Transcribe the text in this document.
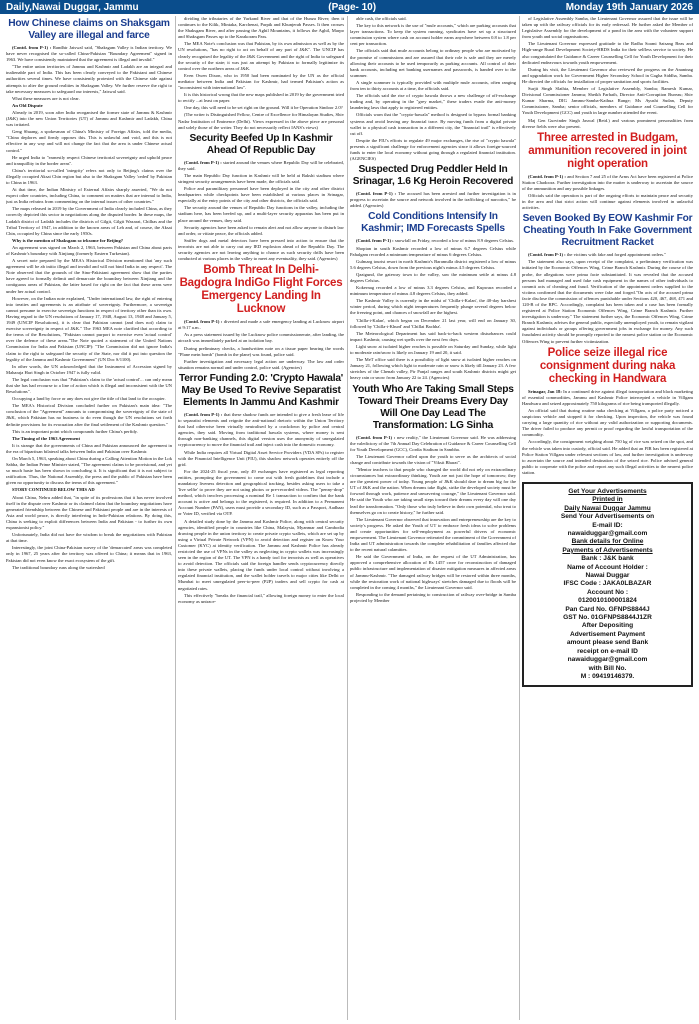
Daily,Nawai Duggar, Jammu	(Page- 10)	Monday 19th January 2026
How Chinese claims on Shaksgam Valley are illegal and farce

(Contd. from P-1) : Randhir Jaiswal said, "Shaksgam Valley is Indian territory. We have never recognised the so-called China-Pakistan "Boundary Agreement" signed in 1963. We have consistently maintained that the agreement is illegal and invalid."

"The entire union territories of Jammu and Kashmir and Ladakh are an integral and inalienable part of India. This has been clearly conveyed to the Pakistani and Chinese authorities several times. We have consistently protested with the Chinese side against attempts to alter the ground realities in Shaksgam Valley. We further reserve the right to take necessary measures to safeguard our interests," Jaiswal said.

What these measures are is not clear.

An Old Dispute

Already in 2019, soon after India reorganised the former state of Jammu & Kashmir (J&K) into the new Union Territories (UT) of Jammu and Kashmir and Ladakh, China was irritated.

Geng Shuang, a spokesman of China's Ministry of Foreign Affairs, told the media, "China deplores and firmly opposes this. This is unlawful and void, and this is not effective in any way and will not change the fact that the area is under Chinese actual control."

He urged India to "earnestly respect Chinese territorial sovereignty and uphold peace and tranquillity in the border areas".

China's territorial so-called 'integrity' refers not only to Beijing's claims over the illegally occupied Aksai Chin region but also to the Shaksgam Valley 'ceded' by Pakistan to China in 1963.

At that time, the Indian Ministry of External Affairs sharply asserted, "We do not expect other countries, including China, to comment on matters that are internal to India, just as India refrains from commenting on the internal issues of other countries."

The maps released in 2019 by the Government of India clearly included China, as they correctly depicted this sector in negotiations along the disputed border. In these maps, the Ladakh district of Ladakh includes the districts of Gilgit, Gilgit Wazarat, Chilhas and the Tribal Territory of 1947, in addition to the known areas of Leh and, of course, the Aksai Chin, occupied by China since the early 1950s.

Why is the mention of Shaksgam so irksome for Beijing?

An agreement was signed on March 2, 1963, between Pakistan and China about parts of Kashmir's boundary with Xinjiang (formerly Eastern Turkestan).

A secret note prepared by the MEA's Historical Division mentioned that 'any such agreement will be ab initio illegal and invalid and will not bind India in any respect'. The Note observed that the grounds of the Sino-Pakistani agreement show that the parties have agreed to formally delimit and demarcate the boundary between Xinjiang and the contiguous areas of Pakistan, the latter based for right on the fact that these areas were under her actual control.

However, on the Indian note explained, "Under international law, the right of entering into treaties and agreements is an attribute of sovereignty. Furthermore, a sovereign cannot presume to exercise sovereign functions in respect of territory other than its own. Having regard to the UN resolutions of January 17, 1948, August 13, 1948 and January 5, 1949 (UNCIP Resolutions), it is clear that Pakistan cannot (and does not) claim to exercise sovereignty in respect of J&K." The 1963 MEA note clarified that according to the terms of the Resolutions, "Pakistan cannot purport to exercise even 'actual control' over the defence of these areas."The Note quoted a statement of the United Nations Commission for India and Pakistan (UNCIP): "The Commission did not ignore India's claim to the right to safeguard the security of the State, nor did it put into question the legality of the Jammu and Kashmir Government" (UN Doc S/1100).

In other words, the UN acknowledged that the Instrument of Accession signed by Maharaja Hari Singh in October 1947 is fully valid.

The legal conclusion was that "Pakistan's claim to the 'actual control'... can only mean that she has had recourse to a line of action which is illegal and inconsistent with the UN Resolutions".

Occupying a land by force or any does not give the title of that land to the occupier.

The MEA's Historical Division concluded further on Pakistan's main idea: "The conclusion of the "Agreement" amounts to compromising the sovereignty of the state of J&K, which Pakistan has no business to do even though the UN resolutions set forth definite provisions for its evacuation after the final settlement of the Kashmir question."

This is an important point which compounds further China's perfidy.

The Timing of the 1963 Agreement

It is strange that the governments of China and Pakistan announced the agreement in the era of bipartisan bilateral talks between India and Pakistan over Kashmir.

On March 5, 1963, speaking about China during a Calling Attention Motion in the Lok Sabha, the Indian Prime Minister stated, "The agreement claims to be provisional, and yet so much haste has been shown in concluding it. It is significant that it is not subject to ratification. Thus, the National Assembly, the press and the public of Pakistan have been given no opportunity to discuss the terms of this agreement."

STORY CONTINUED BELOW THIS AD

About China, Nehru added that, "in spite of its professions that it has never involved itself in the dispute over Kashmir or its claimed claim that the boundary negotiations have generated friendship between the Chinese and Pakistani people and are in the interests of Asia and world peace, is directly interfering in Indo-Pakistan relations. By doing this, China is seeking to exploit differences between India and Pakistan - to further its own expansionist policy."

Unfortunately, India did not have the wisdom to break the negotiations with Pakistan at that time.

Interestingly, the joint China-Pakistan survey of the 'demarcated' areas was completed only in 1967, 25 years after the territory was offered to China; it means that in 1963, Pakistan did not even know the exact ecosystem of the gift.

The traditional boundary runs along the watershed

dividing the tributaries of the Yarkand River and that of the Hunza River; then it continues to the Kilik, Mintaka, Karchenai, Parpik and Khunjerab Passes. It then crosses the Shaksgam River, and after passing the Aghil Mountains, it follows the Aghil, Marpo and Shaksgam Passes up to the Karakoram Pass.

The MEA Note's conclusion was that Pakistan, by its own admission as well as by the UN resolutions, "has no right to act on behalf of any part of J&K". The UNCIP has clearly recognised the legality of the J&K Government and the right of India to safeguard the security of the state; it was just an attempt by Pakistan to formally legitimize its control over the northern areas of J&K.

Even Owen Dixon, who in 1950 had been nominated by the UN as the official mediator between India and Pakistan for Kashmir, had termed Pakistan's action as "inconsistent with international law".

It is this historical wrong that the new maps published in 2019 by the government tried to rectify ...at least on paper.

One day, this will need to be set right on the ground. Will it be Operation Sindoor 2.0?

(The writer is Distinguished Fellow, Centre of Excellence for Himalayan Studies, Shiv Nadar Institution of Eminence (Delhi). Views expressed in the above piece are personal and solely those of the writer. They do not necessarily reflect IANS's views)

Security Beefed Up In Kashmir Ahead Of Republic Day

(Contd. from P-1) : started around the venues where Republic Day will be celebrated, they said.

The main Republic Day function in Kashmir will be held at Bakshi stadium where stringent security arrangements have been made, the officials said.

Police and paramilitary personnel have been deployed in the city and other district headquarters while checkpoints have been established at various places in Srinagar, especially at the entry points of the city and other districts, the officials said.

The security around the venues of Republic Day functions in the valley, including the stadium here, has been beefed up, and a multi-layer security apparatus has been put in place around the venues, they said.

Security agencies have been asked to remain alert and not allow anyone to disturb law and order, or vitiate peace, the officials added.

Sniffer dogs and metal detectors have been pressed into action to ensure that the terrorists are not able to carry out any IED explosion ahead of the Republic Day. The security agencies are not leaving anything to chance as such security drills have been conducted at various places in the valley to meet any eventuality, they said. (Agencies)

Bomb Threat In Delhi-Bagdogra IndiGo Flight Forces Emergency Landing In Lucknow

(Contd. from P-1) : diverted and made a safe emergency landing at Lucknow airport at 9:17 a.m..

As a press statement issued by the Lucknow police commissionerate, after landing, the aircraft was immediately parked at an isolation bay.

During preliminary checks, a handwritten note on a tissue paper bearing the words "Plane mein bomb" (bomb in the plane) was found, police said.

Further investigation and necessary legal action are underway. The law and order situation remains normal and under control, police said. (Agencies)

Terror Funding 2.0: 'Crypto Hawala' May Be Used To Revive Separatist Elements In Jammu And Kashmir

(Contd. from P-1) : that these shadow funds are intended to give a fresh lease of life to separatist elements and reignite the anti-national rhetoric within the Union Territory that had otherwise been virtually neutralised by a crackdown by police and central agencies, they said. Moving from traditional hawala systems, where money is sent through non-banking channels, this digital version uses the anonymity of unregulated cryptocurrency to move the financial trail and inject cash into the domestic economy.

While India requires all Virtual Digital Asset Service Providers (VDA SPs) to register with the Financial Intelligence Unit (FIU), this shadow network operates entirely off the grid.

For the 2024-25 fiscal year, only 49 exchanges have registered as legal reporting entities, prompting the government to come out with fresh guidelines that include a mandatory liveness detection and geographical tracking, besides asking users to take a 'live selfie' to prove they are not using photos or pre-recorded videos. The "penny-drop" method, which involves processing a nominal Re 1 transaction to confirm that the bank account is active and belongs to the registered, is required. In addition to a Permanent Account Number (PAN), users must provide a secondary ID, such as a Passport, Aadhaar or Voter ID, verified via OTP.

A detailed study done by the Jammu and Kashmir Police, along with central security agencies, identified people in countries like China, Malaysia, Myanmar and Cambodia drawing people in the union territory to create private crypto wallets, which are set up by using a Virtual Private Network (VPN) to avoid detection and register on Know Your Customer (KYC) at identity verification. The Jammu and Kashmir Police has already restricted the use of VPNs in the valley as neglecting in crypto wallets was increasingly seen in the region of the UT. The VPN is a handy tool for terrorists as well as operatives to avoid detection. The officials said the foreign handler sends cryptocurrency directly into these private wallets, placing the funds under local control without involving a regulated financial institution, and the wallet holder travels to major cities like Delhi or Mumbai to meet unregulated peer-to-peer (P2P) traders and sell crypto for cash at negotiated rates.

This effectively "breaks the financial trail," allowing foreign money to enter the local economy as untrace-

able cash, the officials said.

The key to this network is the use of "mule accounts," which are parking accounts that layer transactions. To keep the system running, syndicates have set up a structured commission system where cash on account holder earns anywhere between 0.8 to 1.8 per cent per transaction.

The officials said that mule accounts belong to ordinary people who are motivated by the promise of commissions and are assured that their role is safe and they are merely allowing their accounts to be used temporarily as parking accounts. All control of their bank accounts, including net banking usernames and passwords, is handed over to the scammer.

A single scammer is typically provided with multiple mule accounts, often ranging from ten to thirty accounts at a time, the officials said.

The officials said the rise of crypto hawala throws a new challenge of off-exchange trading and, by operating in the "grey market," these traders evade the anti-money laundering laws that apply to registered entities.

Officials warn that the "crypto-hawala" method is designed to bypass formal banking systems and avoid leaving any financial trace. By moving funds from a digital private wallet to a physical cash transaction in a different city, the "financial trail" is effectively cut off.

Despite the FIU's efforts to regulate 49 major exchanges, the rise of "crypto hawala" presents a significant challenge for enforcement agencies since it allows foreign-sourced funds to enter the local economy without going through a regulated financial institution. (AGENCIES)

Suspected Drug Peddler Held In Srinagar, 1.6 Kg Heroin Recovered

(Contd. from P-1) : The accused has been arrested and further investigation is in progress to ascertain the source and network involved in the trafficking of narcotics," he added. (Agencies)

Cold Conditions Intensify In Kashmir; IMD Forecasts Spells

(Contd. from P-1) : snowfall on Friday, recorded a low of minus 8.9 degrees Celsius.

Shopian in south Kashmir recorded a low of minus 6.7 degrees Celsius while Pahalgam recorded a minimum temperature of minus 6 degrees Celsius.

Gulmarg tourist resort in north Kashmir's Baramulla district registered a low of minus 5.6 degrees Celsius, down from the previous night's minus 4.5 degrees Celsius.

Qazigund, the gateway town to the valley, saw the minimum settle at minus 4.8 degrees Celsius.

Kokernag recorded a low of minus 3.3 degrees Celsius, and Kupwara recorded a minimum temperature of minus 4.8 degrees Celsius, they added.

The Kashmir Valley is currently in the midst of 'Chilla-i-Kalan', the 40-day harshest winter period, during which night temperatures frequently plunge several degrees below the freezing point, and chances of snowfall are the highest.

'Chilla-i-Kalan', which began on December 21 last year, will end on January 30, followed by 'Chilla-i-Khurd' and 'Chillai Bachha'.

The Meteorological Department has said back-to-back western disturbances could impact Kashmir, causing wet spells over the next few days.

Light snow at isolated higher reaches is possible on Saturday and Sunday, while light to moderate rain/snow is likely on January 19 and 20, it said.

The MeT office said there is a possibility of light snow at isolated higher reaches on January 21, following which light to moderate rain or snow is likely till January 23. A few stretches of the Chenab valley, Pir Panjal ranges and south Kashmir districts might get heavy rain or snow from January 22 to 24. (Agencies)

Youth Who Are Taking Small Steps Toward Their Dreams Every Day Will One Day Lead The Transformation: LG Sinha

(Contd. from P-1) : new reality," the Lieutenant Governor said. He was addressing the valedictory of the 7th Annual Day Celebration of Guidance & Career Counselling Cell for Youth Development (GCC), Cordia Stadium in Sambha.

The Lieutenant Governor called upon the youth to serve as the architects of social change and contribute towards the vision of "Viksit Bharat".

"Mentor teachers to that people who changed the world did not rely on extraordinary circumstances but extraordinary thinking. Youth are not just the hope of tomorrow; they are the greatest power of today. Young people of J&K should dare to dream big for the UT of J&K and the nation. When dreams take flight, strike the developed society must be forward through work, patience and unwavering courage," the Lieutenant Governor said. He said the Youth who are taking small steps toward their dreams every day will one day lead the transformation. "Only those who truly believe in their own potential, who treat to themselves go on to create history," he further said.

The Lieutenant Governor observed that innovation and entrepreneurship are the key to society's progress. He asked the Youth of UT to embrace fresh ideas to solve problems and create opportunities for self-employment as powerful drivers of economic empowerment. The Lieutenant Governor reiterated the commitment of the Government of India and UT administration towards the complete rehabilitation of families affected due to the recent natural calamities.

He said the Government of India, on the request of the UT Administration, has approved a comprehensive allocation of Rs 1457 crore for reconstruction of damaged public infrastructure and implementation of disaster mitigation measures in affected areas of Jammu-Kashmir. "The damaged railway bridges will be restored within three months, while the restoration work of national highways' stretches damaged due to floods will be completed in the coming 4 months," the Lieutenant Governor said.

Responding to the demand pertaining to construction of railway over-bridge in Samba projected by Member

of Legislative Assembly Samba, the Lieutenant Governor assured that the issue will be taken up with the railway officials for its early redressal. He further asked the Member of Legislative Assembly for the development of a pond in the area with the volunteer support from youth and social organisations.

The Lieutenant Governor expressed gratitude to the Radha Soami Satsang Beas and High-range Rural Development Society-HRDS India for their selfless service to society. He also congratulated the Guidance & Career Counselling Cell for Youth Development for their dedicated endeavours towards youth empowerment.

During his visit, the Lieutenant Governor also reviewed the progress on the Anantnag and upgradation work for Government Higher Secondary School in Gagha Siddha, Samba. He directed the officials for installation of proper sanitation and sports facilities.

Surjit Singh Slathia, Member of Legislative Assembly, Samba; Ramesh Kumar, Divisional Commissioner Jammu; Sheikh Farhath, Director Anti-Corruption Bureau; Shiv Kumar Sharma, DIG Jammu-Samba-Kathua Range; Ms Ayushi Sudan, Deputy Commissioner, Samba; senior officials, members of Guidance and Counselling Cell for Youth Development (GCC) and youth in large number attended the event.

Maj Gen Gurvinder Singh Jaswal (Retd.) and various prominent personalities from diverse fields were also present.

Three arrested in Budgam, ammunition recovered in joint night operation

(Contd. from P-1) : and Section 7 and 25 of the Arms Act have been registered at Police Station Chadoora. Further investigation into the matter is underway to ascertain the source of the ammunition and any possible linkages.

Officials said the operation is part of the ongoing efforts to maintain peace and security in the area and that strict action will continue against elements involved in unlawful activities.

Seven Booked By EOW Kashmir For Cheating Youth In Fake Government Recruitment Racket

(Contd. from P-1) : the victims with fake and forged appointment orders."

The statement also says, upon receipt of the complaint, a preliminary verification was initiated by the Economic Offences Wing, Crime Branch Kashmir. During the course of the probe, the allegations were prima facie substantiated. It was revealed that the accused persons had managed and used fake cash equipment in the names of other individuals to commit acts of cheating and fraud. Verification of the appointment orders supplied to the victims confirmed that the documents were fake and forged."On acts of the accused prima facie disclose the commission of offences punishable under Sections 420, 467, 468, 471 and 120-B of the RPC. Accordingly, complaint has been taken and a case has been formally registered at Police Station Economic Offences Wing, Crime Branch Kashmir. Further investigation is underway." The statement further says, the Economic Offences Wing, Crime Branch Kashmir, advises the general public, especially unemployed youth, to remain vigilant against individuals or groups offering government jobs in exchange for money. Any such fraudulent activity should be promptly reported to the nearest police station or the Economic Offences Wing to prevent further victimization.

Police seize illegal rice consignment during naka checking in Handwara

Srinagar, Jan 18: In a continued drive against illegal transportation and black marketing of essential commodities, Jammu and Kashmir Police intercepted a vehicle in Villgam Handwara and seized approximately 750 kilograms of rice being transported illegally.

An official said that during routine naka checking at Villgam, a police party noticed a suspicious vehicle and stopped it for checking. Upon inspection, the vehicle was found carrying a large quantity of rice without any valid authorization or supporting documents. The driver failed to produce any permit or proof regarding the lawful transportation of the commodity.

Accordingly, the consignment weighing about 750 kg of rice was seized on the spot, and the vehicle was taken into custody, official said. He added that an FIR has been registered at Police Station Villgam under relevant sections of law, and further investigation is underway to ascertain the source and intended destination of the seized rice. Police advised general public to cooperate with the police and report any such illegal activities to the nearest police station.

Get Your Advertisements
Printed in
Daily Nawai Duggar Jammu
Send Your Advertisements on
E-mail ID:
nawaiduggar@gmail.com
Bank details for Online
Payments of Advertisements
Bank : J&K bank
Name of Account Holder :
Nawai Duggar
IFSC Code : JAKA0LBAZAR
Account No :
0120010100001824
Pan Card No. GFNPS8844J
GST No. 01GFNPS8844J1ZR
After Depositing
Advertisement Payment
amount please send Bank
receipt on e-mail ID
nawaiduggar@gmail.com
with Bill No.
M : 09419146379.
